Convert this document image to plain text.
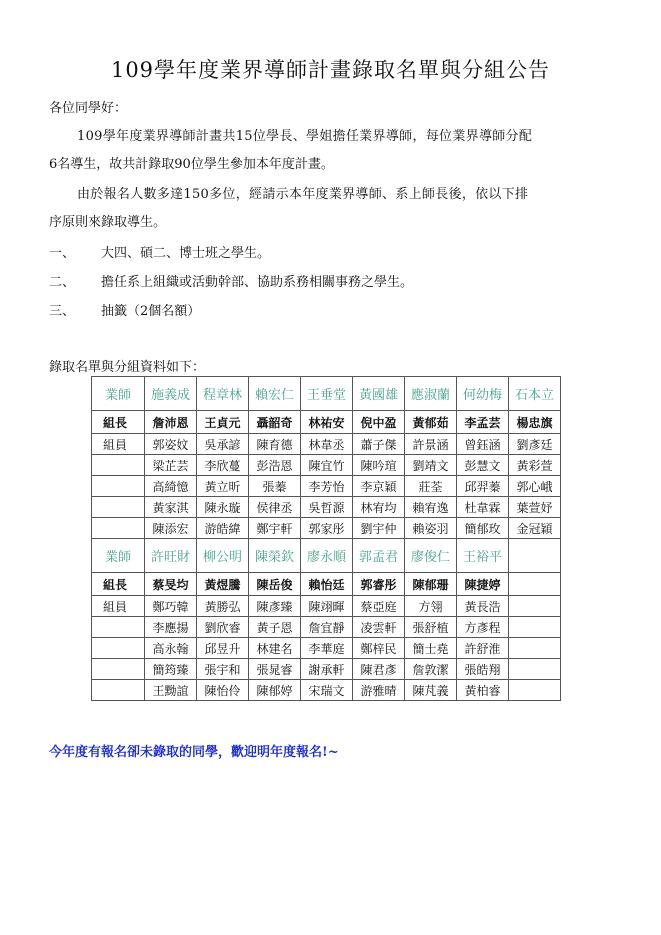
109學年度業界導師計畫錄取名單與分組公告
各位同學好：
109學年度業界導師計畫共15位學長、學姐擔任業界導師，每位業界導師分配
6名導生，故共計錄取90位學生參加本年度計畫。
由於報名人數多達150多位，經請示本年度業界導師、系上師長後，依以下排
序原則來錄取導生。
一、 大四、碩二、博士班之學生。
二、 擔任系上組織或活動幹部、協助系務相關事務之學生。
三、 抽籤（2個名額）
錄取名單與分組資料如下：
業師	施義成	程章林	賴宏仁	王垂堂	黃國雄	應淑蘭	何幼梅	石本立
組長	詹沛恩	王貞元	聶韶奇	林祐安	倪中盈	黃郁茹	李孟芸	楊忠旗
組員	郭姿妏	吳承諺	陳育德	林韋丞	蕭子傑	許景涵	曾鈺涵	劉彥廷
	梁芷芸	李欣蔓	彭浩恩	陳宜竹	陳吟瑄	劉靖文	彭慧文	黃彩萱
	高綺憶	黃立昕	張蓁	李芳怡	李京穎	莊荃	邱羿蓁	郭心峨
	黃家淇	陳永璇	侯律丞	吳哲源	林宥均	賴宥逸	杜韋霖	葉萱妤
	陳添宏	游皓緯	鄭宇軒	郭家彤	劉宇仲	賴姿羽	簡郁玫	金冠穎
業師	許旺財	柳公明	陳榮欽	廖永順	郭孟君	廖俊仁	王裕平	
組長	蔡旻均	黃煜騰	陳岳俊	賴怡廷	郭睿彤	陳郁珊	陳捷婷	
組員	鄭巧韓	黃勝弘	陳彥臻	陳翊暉	蔡亞庭	方翎	黃長浩	
	李應揚	劉欣睿	黃子恩	詹宜靜	凌雲軒	張舒植	方彥程	
	高永翰	邱昱升	林建名	李華庭	鄭梓民	簡士堯	許舒淮	
	簡筠臻	張宇和	張晁睿	謝承軒	陳君彥	詹敦潔	張皓翔	
	王黝誼	陳怡伶	陳郁婷	宋瑞文	游雅晴	陳芃義	黃柏睿	
今年度有報名卻未錄取的同學，歡迎明年度報名!~
